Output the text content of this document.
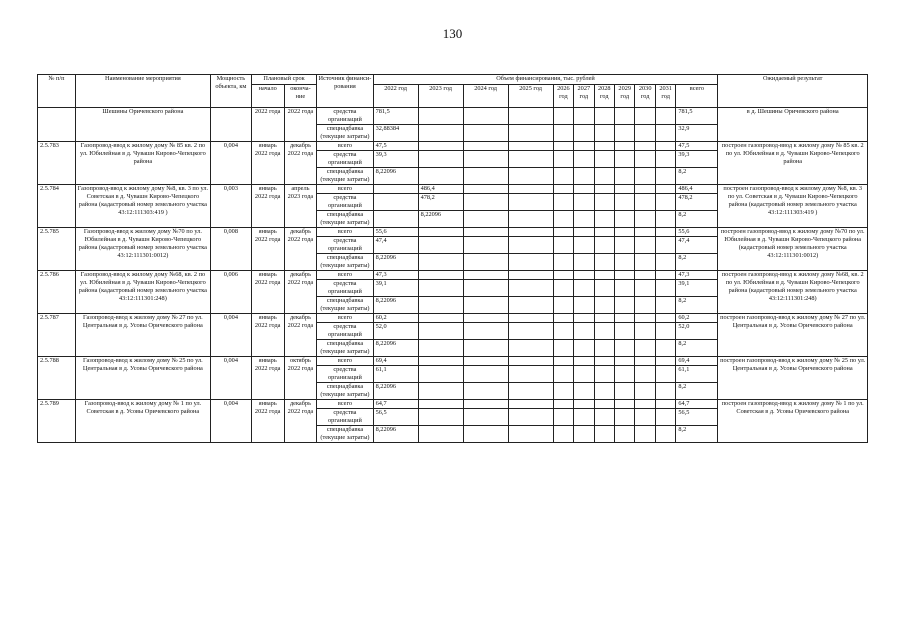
130
№ п/п	Наименование мероприятия	Мощность объекта, км	Плановый срок		Источник финанси-рования	Объем финансирования, тыс. рублей											Ожидаемый результат
			начало	оконча-ние		2022 год	2023 год	2024 год	2025 год	2026 год	2027 год	2028 год	2029 год	2030 год	2031 год	всего	
	Шешины Оричевского района		2022 года	2022 года	средства организаций	781,5										781,5	в д. Шешины Оричевского района
					спецнадбавка (текущие затраты)	32,88384										32,9	
2.5.783	Газопровод-ввод к жилому дому № 85 кв. 2 по ул. Юбилейная в д. Чувашн Кирово-Чепецкого района	0,004	январь 2022 года	декабрь 2022 года	всего	47,5										47,5	построен газопровод-ввод к жилому дому № 85 кв. 2 по ул. Юбилейная в д. Чувашн Кирово-Чепецкого района
					средства организаций	39,3										39,3	
					спецнадбавка (текущие затраты)	8,22096										8,2	
2.5.784	Газопровод-ввод к жилому дому №8, кв. 3 по ул. Советская в д. Чувашн Кирово-Чепецкого района (кадастровый номер земельного участка 43:12:111303:419 )	0,003	январь 2022 года	апрель 2023 года	всего		486,4									486,4	построен газопровод-ввод к жилому дому №8, кв. 3 по ул. Советская в д. Чувашн Кирово-Чепецкого района (кадастровый номер земельного участка 43:12:111303:419 )
					средства организаций		478,2									478,2	
					спецнадбавка (текущие затраты)		8,22096									8,2	
2.5.785	Газопровод-ввод к жилому дому №70 по ул. Юбилейная в д. Чувашн Кирово-Чепецкого района (кадастровый номер земельного участка 43:12:111301:0012)	0,008	январь 2022 года	декабрь 2022 года	всего	55,6										55,6	построен газопровод-ввод к жилому дому №70 по ул. Юбилейная в д. Чувашн Кирово-Чепецкого района (кадастровый номер земельного участка 43:12:111301:0012)
					средства организаций	47,4										47,4	
					спецнадбавка (текущие затраты)	8,22096										8,2	
2.5.786	Газопровод-ввод к жилому дому №68, кв. 2 по ул. Юбилейная в д. Чувашн Кирово-Чепецкого района (кадастровый номер земельного участка 43:12:111301:248)	0,006	январь 2022 года	декабрь 2022 года	всего	47,3										47,3	построен газопровод-ввод к жилому дому №68, кв. 2 по ул. Юбилейная в д. Чувашн Кирово-Чепецкого района (кадастровый номер земельного участка 43:12:111301:248)
					средства организаций	39,1										39,1	
					спецнадбавка (текущие затраты)	8,22096										8,2	
2.5.787	Газопровод-ввод к жилому дому № 27 по ул. Центральная в д. Усовы Оричевского района	0,004	январь 2022 года	декабрь 2022 года	всего	60,2										60,2	построен газопровод-ввод к жилому дому № 27 по ул. Центральная в д. Усовы Оричевского района
					средства организаций	52,0										52,0	
					спецнадбавка (текущие затраты)	8,22096										8,2	
2.5.788	Газопровод-ввод к жилому дому № 25 по ул. Центральная в д. Усовы Оричевского района	0,004	январь 2022 года	октябрь 2022 года	всего	69,4										69,4	построен газопровод-ввод к жилому дому № 25 по ул. Центральная в д. Усовы Оричевского района
					средства организаций	61,1										61,1	
					спецнадбавка (текущие затраты)	8,22096										8,2	
2.5.789	Газопровод-ввод к жилому дому № 1 по ул. Советская в д. Усовы Оричевского района	0,004	январь 2022 года	декабрь 2022 года	всего	64,7										64,7	построен газопровод-ввод к жилому дому № 1 по ул. Советская в д. Усовы Оричевского района
					средства организаций	56,5										56,5	
					спецнадбавка (текущие затраты)	8,22096										8,2	
